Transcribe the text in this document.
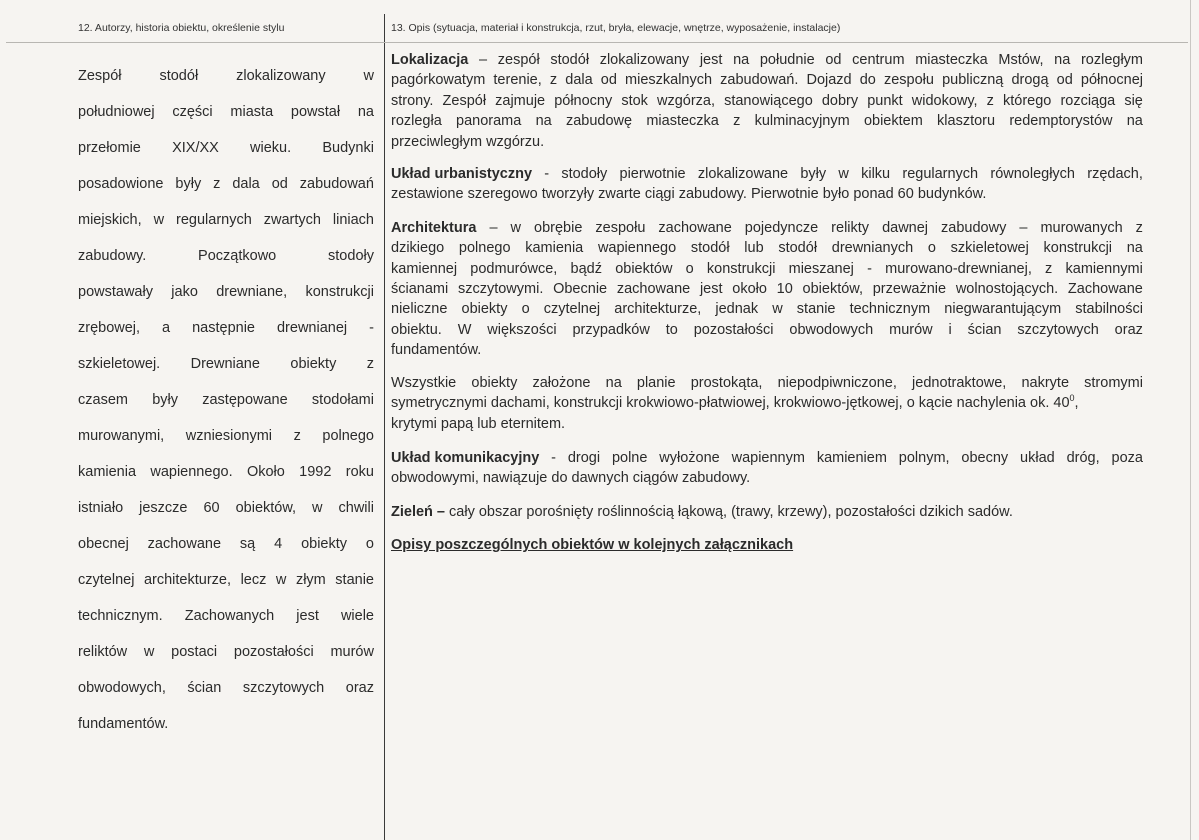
12. Autorzy, historia obiektu, określenie stylu	13. Opis (sytuacja, materiał i konstrukcja, rzut, bryła, elewacje, wnętrze, wyposażenie, instalacje)
Zespół	stodół	zlokalizowany	w
południowej części miasta powstał na
przełomie XIX/XX wieku. Budynki
posadowione były z dala od zabudowań
miejskich, w regularnych zwartych liniach
zabudowy.	Początkowo	stodoły
powstawały jako drewniane, konstrukcji
zrębowej, a następnie drewnianej -
szkieletowej. Drewniane obiekty z
czasem były zastępowane stodołami
murowanymi, wzniesionymi z polnego
kamienia wapiennego. Około 1992 roku
istniało jeszcze 60 obiektów, w chwili
obecnej zachowane są 4 obiekty o
czytelnej architekturze, lecz w złym stanie
technicznym. Zachowanych jest wiele
reliktów w postaci pozostałości murów
obwodowych, ścian szczytowych oraz
fundamentów.
Lokalizacja – zespół stodół zlokalizowany jest na południe od centrum miasteczka Mstów, na rozległym
pagórkowatym terenie, z dala od mieszkalnych zabudowań. Dojazd do zespołu publiczną drogą od północnej
strony. Zespół zajmuje północny stok wzgórza, stanowiącego dobry punkt widokowy, z którego rozciąga się
rozległa panorama na zabudowę miasteczka z kulminacyjnym obiektem klasztoru redemptorystów na
przeciwległym wzgórzu.
Układ urbanistyczny - stodoły pierwotnie zlokalizowane były w kilku regularnych równoległych rzędach,
zestawione szeregowo tworzyły zwarte ciągi zabudowy. Pierwotnie było ponad 60 budynków.
Architektura – w obrębie zespołu zachowane pojedyncze relikty dawnej zabudowy – murowanych z
dzikiego polnego kamienia wapiennego stodół lub stodół drewnianych o szkieletowej konstrukcji na
kamiennej podmurówce, bądź obiektów o konstrukcji mieszanej - murowano-drewnianej, z kamiennymi
ścianami szczytowymi. Obecnie zachowane jest około 10 obiektów, przeważnie wolnostojących. Zachowane
nieliczne obiekty o czytelnej architekturze, jednak w stanie technicznym niegwarantującym stabilności
obiektu. W większości przypadków to pozostałości obwodowych murów i ścian szczytowych oraz
fundamentów.
Wszystkie obiekty założone na planie prostokąta, niepodpiwniczone, jednotraktowe, nakryte stromymi
symetrycznymi dachami, konstrukcji krokwiowo-płatwiowej, krokwiowo-jętkowej, o kącie nachylenia ok. $40^0$,
krytymi papą lub eternitem.
Układ komunikacyjny - drogi polne wyłożone wapiennym kamieniem polnym, obecny układ dróg, poza
obwodowymi, nawiązuje do dawnych ciągów zabudowy.
Zieleń – cały obszar porośnięty roślinnością łąkową, (trawy, krzewy), pozostałości dzikich sadów.
Opisy poszczególnych obiektów w kolejnych załącznikach
